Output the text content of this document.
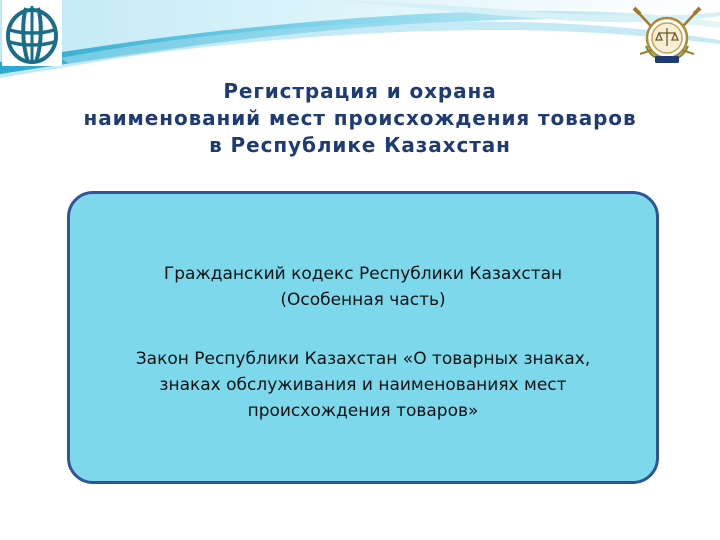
Регистрация и охрана
наименований мест происхождения товаров
в Республике Казахстан
Гражданский кодекс Республики Казахстан
(Особенная часть)
Закон Республики Казахстан «О товарных знаках,
знаках обслуживания и наименованиях мест
происхождения товаров»
